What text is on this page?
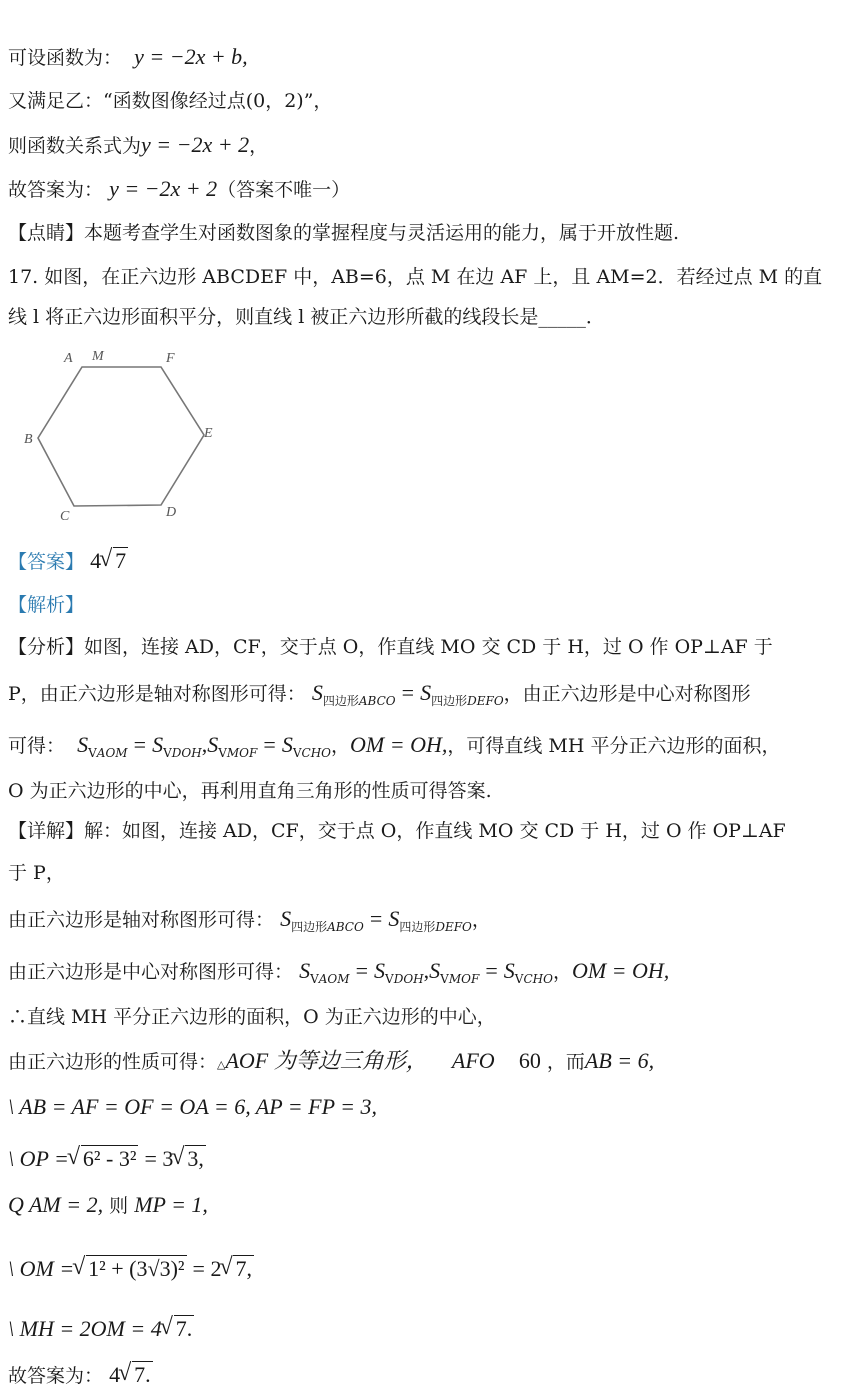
可设函数为： y = −2x + b,
又满足乙：“函数图像经过点(0，2)”，
则函数关系式为y = −2x + 2，
故答案为： y = −2x + 2（答案不唯一）
【点睛】本题考查学生对函数图象的掌握程度与灵活运用的能力，属于开放性题.
17. 如图，在正六边形 ABCDEF 中，AB=6，点 M 在边 AF 上，且 AM=2．若经过点 M 的直
线 l 将正六边形面积平分，则直线 l 被正六边形所截的线段长是_____．
A M	F
B	E
C	D
【答案】 4 √ 7
【解析】
【分析】如图，连接 AD，CF，交于点 O，作直线 MO 交 CD 于 H，过 O 作 OP⊥AF 于
P，由正六边形是轴对称图形可得： $S_{四边形ABCO} = S_{四边形DEFO}$，由正六边形是中心对称图形
可得： $S_{VAOM} = S_{VDOH},S_{VMOF} = S_{VCHO}$，OM = OH,，可得直线 MH 平分正六边形的面积，
O 为正六边形的中心，再利用直角三角形的性质可得答案.
【详解】解：如图，连接 AD，CF，交于点 O，作直线 MO 交 CD 于 H，过 O 作 OP⊥AF
于 P，
由正六边形是轴对称图形可得： $S_{四边形ABCO} = S_{四边形DEFO}$，
由正六边形是中心对称图形可得： $S_{VAOM} = S_{VDOH},S_{VMOF} = S_{VCHO}$，OM = OH,
∴直线 MH 平分正六边形的面积，O 为正六边形的中心，
由正六边形的性质可得：△AOF 为等边三角形， AFO 60 ，而AB = 6,
\ AB = AF = OF = OA = 6, AP = FP = 3,
\ OP = √ 6² - 3² = 3 √ 3,
Q AM = 2, 则 MP = 1,
\ OM = √ 1² + (3√3)² = 2 √ 7,
\ MH = 2OM = 4 √ 7.
故答案为： 4 √ 7.
